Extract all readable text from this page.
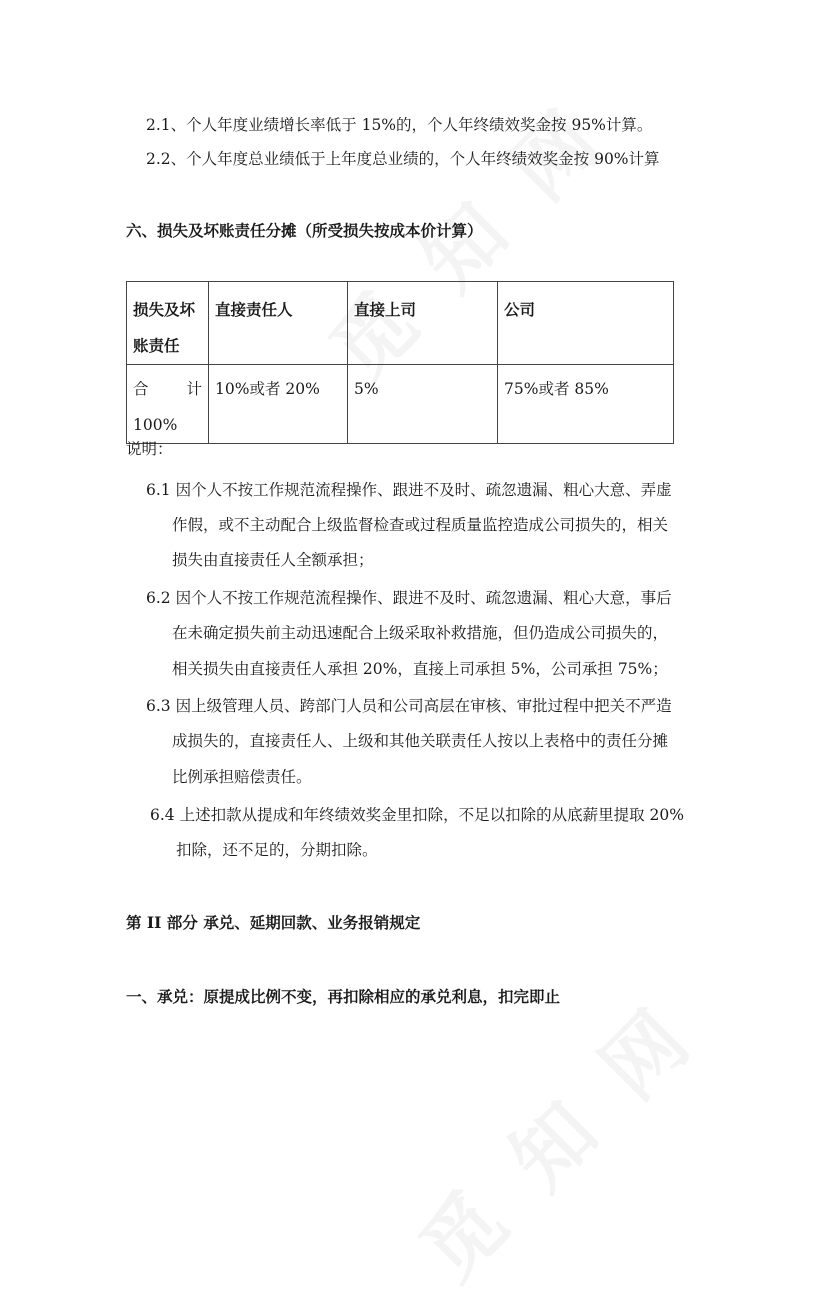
2.1、个人年度业绩增长率低于 15%的，个人年终绩效奖金按 95%计算。
2.2、个人年度总业绩低于上年度总业绩的，个人年终绩效奖金按 90%计算
六、损失及坏账责任分摊（所受损失按成本价计算）
损失及坏
账责任	直接责任人	直接上司	公司

合 计
100%	10%或者 20%	5%	75%或者 85%
说明：
6.1 因个人不按工作规范流程操作、跟进不及时、疏忽遗漏、粗心大意、弄虚
作假，或不主动配合上级监督检查或过程质量监控造成公司损失的，相关
损失由直接责任人全额承担；
6.2 因个人不按工作规范流程操作、跟进不及时、疏忽遗漏、粗心大意，事后
在未确定损失前主动迅速配合上级采取补救措施，但仍造成公司损失的，
相关损失由直接责任人承担 20%，直接上司承担 5%，公司承担 75%；
6.3 因上级管理人员、跨部门人员和公司高层在审核、审批过程中把关不严造
成损失的，直接责任人、上级和其他关联责任人按以上表格中的责任分摊
比例承担赔偿责任。
6.4 上述扣款从提成和年终绩效奖金里扣除，不足以扣除的从底薪里提取 20%
扣除，还不足的，分期扣除。
第 II 部分 承兑、延期回款、业务报销规定
一、承兑：原提成比例不变，再扣除相应的承兑利息，扣完即止
